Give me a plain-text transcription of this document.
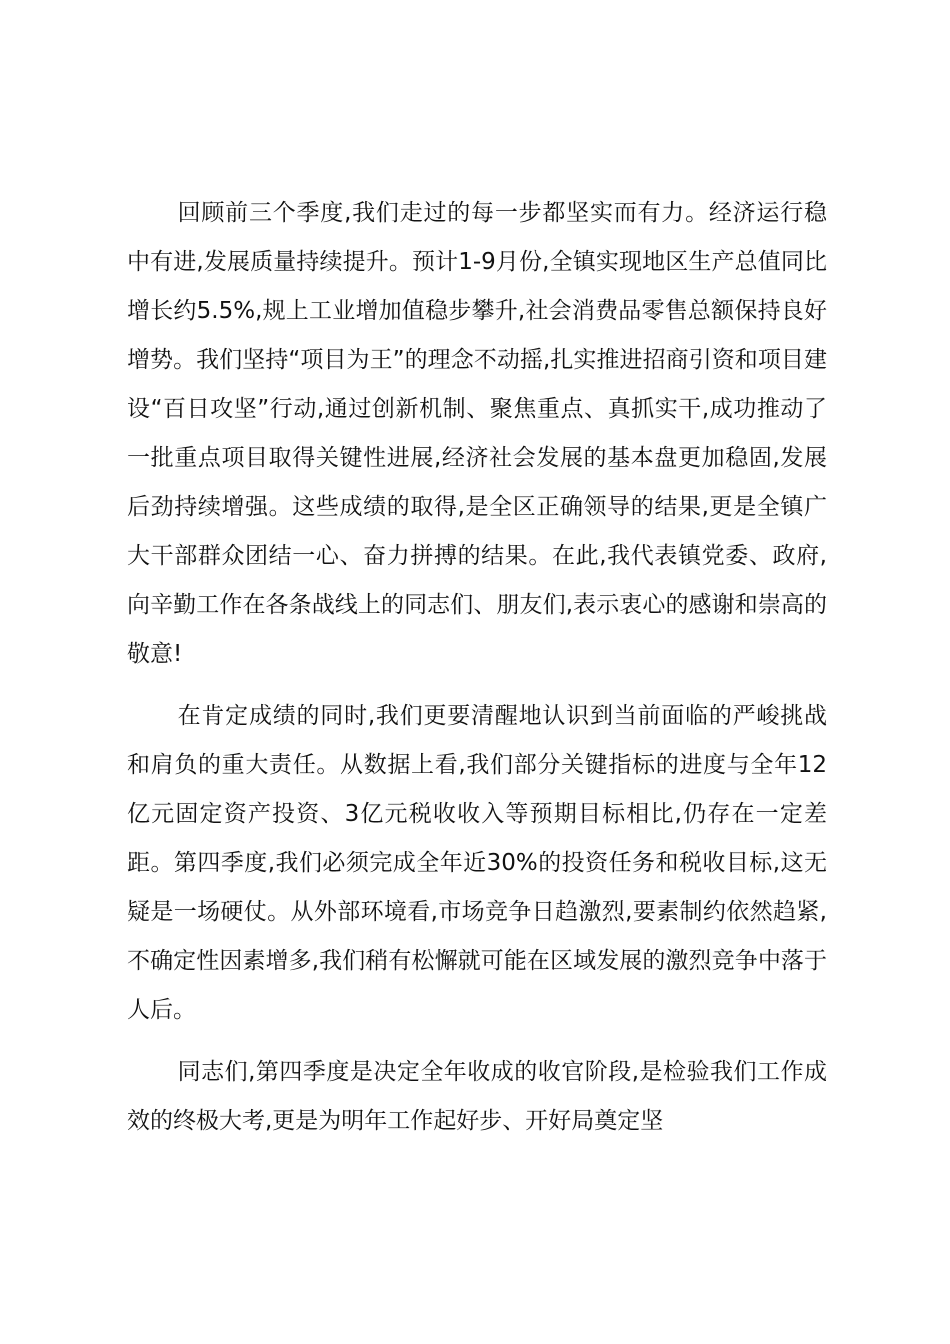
回顾前三个季度,我们走过的每一步都坚实而有力。经济运行稳中有进,发展质量持续提升。预计1-9月份,全镇实现地区生产总值同比增长约5.5%,规上工业增加值稳步攀升,社会消费品零售总额保持良好增势。我们坚持“项目为王”的理念不动摇,扎实推进招商引资和项目建设“百日攻坚”行动,通过创新机制、聚焦重点、真抓实干,成功推动了一批重点项目取得关键性进展,经济社会发展的基本盘更加稳固,发展后劲持续增强。这些成绩的取得,是全区正确领导的结果,更是全镇广大干部群众团结一心、奋力拼搏的结果。在此,我代表镇党委、政府,向辛勤工作在各条战线上的同志们、朋友们,表示衷心的感谢和崇高的敬意!

在肯定成绩的同时,我们更要清醒地认识到当前面临的严峻挑战和肩负的重大责任。从数据上看,我们部分关键指标的进度与全年12亿元固定资产投资、3亿元税收收入等预期目标相比,仍存在一定差距。第四季度,我们必须完成全年近30%的投资任务和税收目标,这无疑是一场硬仗。从外部环境看,市场竞争日趋激烈,要素制约依然趋紧,不确定性因素增多,我们稍有松懈就可能在区域发展的激烈竞争中落于人后。

同志们,第四季度是决定全年收成的收官阶段,是检验我们工作成效的终极大考,更是为明年工作起好步、开好局奠定坚
